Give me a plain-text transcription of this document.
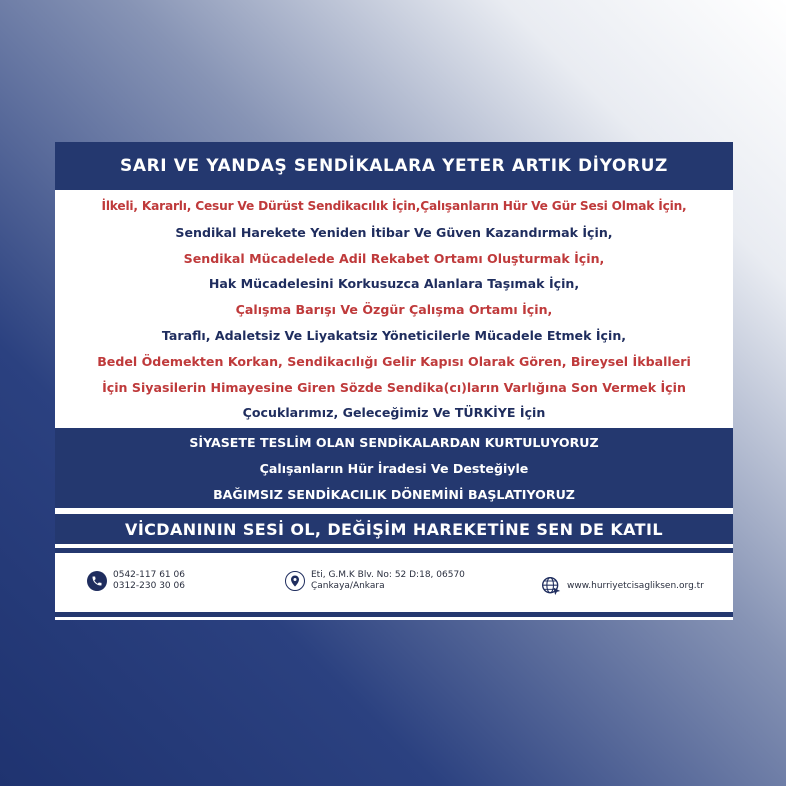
SARI VE YANDAŞ SENDİKALARA YETER ARTIK DİYORUZ
İlkeli, Kararlı, Cesur Ve Dürüst Sendikacılık İçin,Çalışanların Hür Ve Gür Sesi Olmak İçin,
Sendikal Harekete Yeniden İtibar Ve Güven Kazandırmak İçin,
Sendikal Mücadelede Adil Rekabet Ortamı Oluşturmak İçin,
Hak Mücadelesini Korkusuzca Alanlara Taşımak İçin,
Çalışma Barışı Ve Özgür Çalışma Ortamı İçin,
Taraflı, Adaletsiz Ve Liyakatsiz Yöneticilerle Mücadele Etmek İçin,
Bedel Ödemekten Korkan, Sendikacılığı Gelir Kapısı Olarak Gören, Bireysel İkballeri
İçin Siyasilerin Himayesine Giren Sözde Sendika(cı)ların Varlığına Son Vermek İçin
Çocuklarımız, Geleceğimiz Ve TÜRKİYE İçin
SİYASETE TESLİM OLAN SENDİKALARDAN KURTULUYORUZ
Çalışanların Hür İradesi Ve Desteğiyle
BAĞIMSIZ SENDİKACILIK DÖNEMİNİ BAŞLATIYORUZ
VİCDANININ SESİ OL, DEĞİŞİM HAREKETİNE SEN DE KATIL
0542-117 61 06
0312-230 30 06
Eti, G.M.K Blv. No: 52 D:18, 06570
Çankaya/Ankara	www.hurriyetcisagliksen.org.tr
